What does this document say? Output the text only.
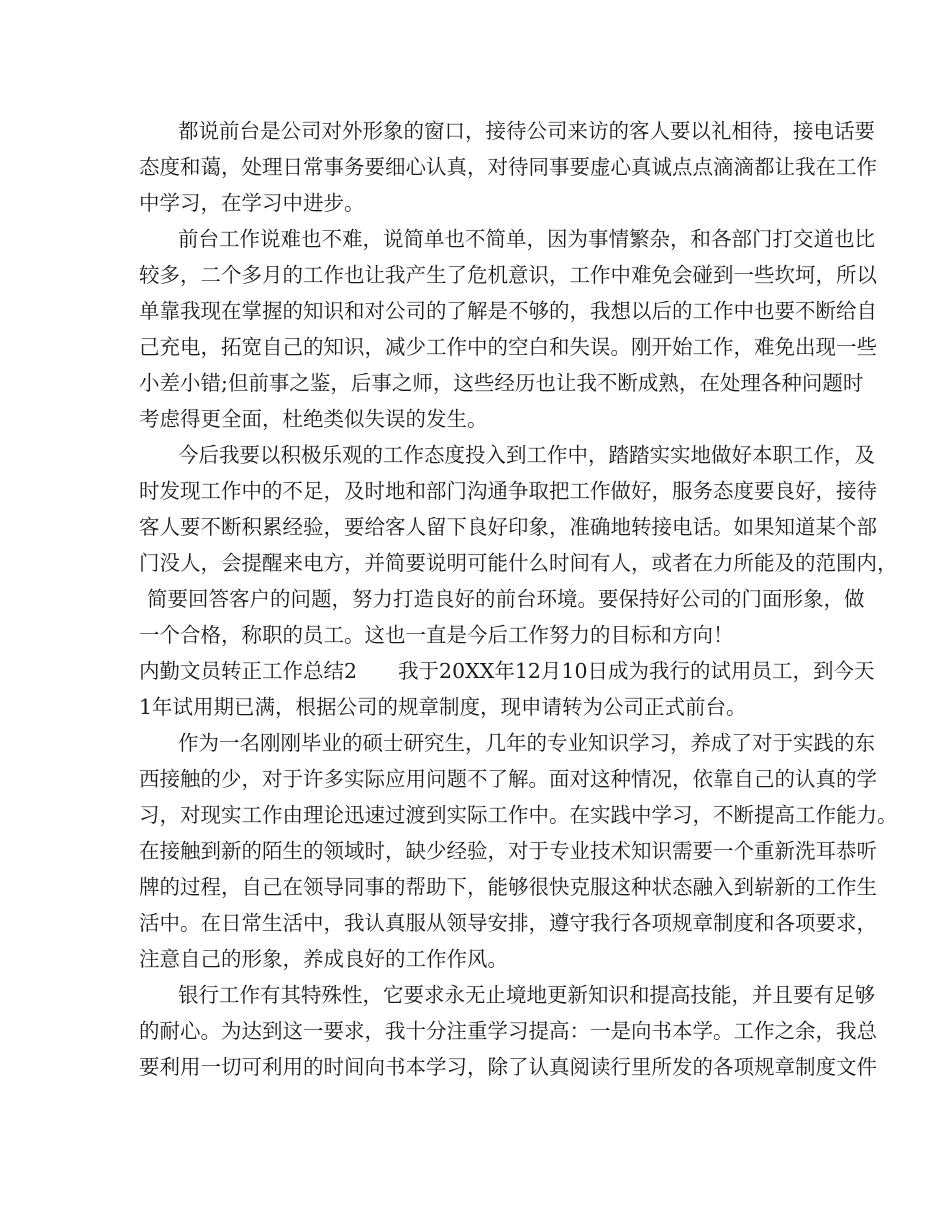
都说前台是公司对外形象的窗口，接待公司来访的客人要以礼相待，接电话要
态度和蔼，处理日常事务要细心认真，对待同事要虚心真诚点点滴滴都让我在工作
中学习，在学习中进步。
前台工作说难也不难，说简单也不简单，因为事情繁杂，和各部门打交道也比
较多，二个多月的工作也让我产生了危机意识，工作中难免会碰到一些坎坷，所以
单靠我现在掌握的知识和对公司的了解是不够的，我想以后的工作中也要不断给自
己充电，拓宽自己的知识，减少工作中的空白和失误。刚开始工作，难免出现一些
小差小错;但前事之鉴，后事之师，这些经历也让我不断成熟，在处理各种问题时
考虑得更全面，杜绝类似失误的发生。
今后我要以积极乐观的工作态度投入到工作中，踏踏实实地做好本职工作，及
时发现工作中的不足，及时地和部门沟通争取把工作做好，服务态度要良好，接待
客人要不断积累经验，要给客人留下良好印象，准确地转接电话。如果知道某个部
门没人，会提醒来电方，并简要说明可能什么时间有人，或者在力所能及的范围内，
简要回答客户的问题，努力打造良好的前台环境。要保持好公司的门面形象，做
一个合格，称职的员工。这也一直是今后工作努力的目标和方向！
内勤文员转正工作总结2　　我于20XX年12月10日成为我行的试用员工，到今天
1年试用期已满，根据公司的规章制度，现申请转为公司正式前台。
作为一名刚刚毕业的硕士研究生，几年的专业知识学习，养成了对于实践的东
西接触的少，对于许多实际应用问题不了解。面对这种情况，依靠自己的认真的学
习，对现实工作由理论迅速过渡到实际工作中。在实践中学习，不断提高工作能力。
在接触到新的陌生的领域时，缺少经验，对于专业技术知识需要一个重新洗耳恭听
牌的过程，自己在领导同事的帮助下，能够很快克服这种状态融入到崭新的工作生
活中。在日常生活中，我认真服从领导安排，遵守我行各项规章制度和各项要求，
注意自己的形象，养成良好的工作作风。
银行工作有其特殊性，它要求永无止境地更新知识和提高技能，并且要有足够
的耐心。为达到这一要求，我十分注重学习提高：一是向书本学。工作之余，我总
要利用一切可利用的时间向书本学习，除了认真阅读行里所发的各项规章制度文件
